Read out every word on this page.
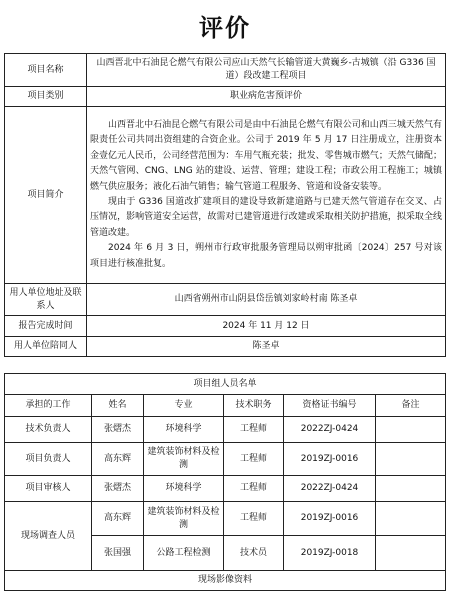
评价
项目名称	山西晋北中石油昆仑燃气有限公司应山天然气长输管道大黄巍乡-古城镇（沿 G336 国道）段改建工程项目
项目类别	职业病危害预评价
项目简介	山西晋北中石油昆仑燃气有限公司是由中石油昆仑燃气有限公司和山西三城天然气有限责任公司共同出资组建的合资企业。公司于 2019 年 5 月 17 日注册成立，注册资本金壹亿元人民币，公司经营范围为：车用气瓶充装；批发、零售城市燃气；天然气储配；天然气管网、CNG、LNG 站的建设、运营、管理；建设工程；市政公用工程施工；城镇燃气供应服务；液化石油气销售；输气管道工程服务、管道和设备安装等。

现由于 G336 国道改扩建项目的建设导致新建道路与已建天然气管道存在交叉、占压情况，影响管道安全运营，故需对已建管道进行改建或采取相关防护措施，拟采取全线管道改建。

2024 年 6 月 3 日，朔州市行政审批服务管理局以朔审批函〔2024〕257 号对该项目进行核准批复。

用人单位地址及联系人	山西省朔州市山阴县岱岳镇刘家岭村南 陈圣卓
报告完成时间	2024 年 11 月 12 日
用人单位陪同人	陈圣卓
项目组人员名单					
承担的工作	姓名	专业	技术职务	资格证书编号	备注
技术负责人	张熠杰	环境科学	工程师	2022ZJ-0424	
项目负责人	高东辉	建筑装饰材料及检测	工程师	2019ZJ-0016	
项目审核人	张熠杰	环境科学	工程师	2022ZJ-0424	
现场调查人员	高东辉	建筑装饰材料及检测	工程师	2019ZJ-0016	
	张国强	公路工程检测	技术员	2019ZJ-0018	
现场影像资料					
